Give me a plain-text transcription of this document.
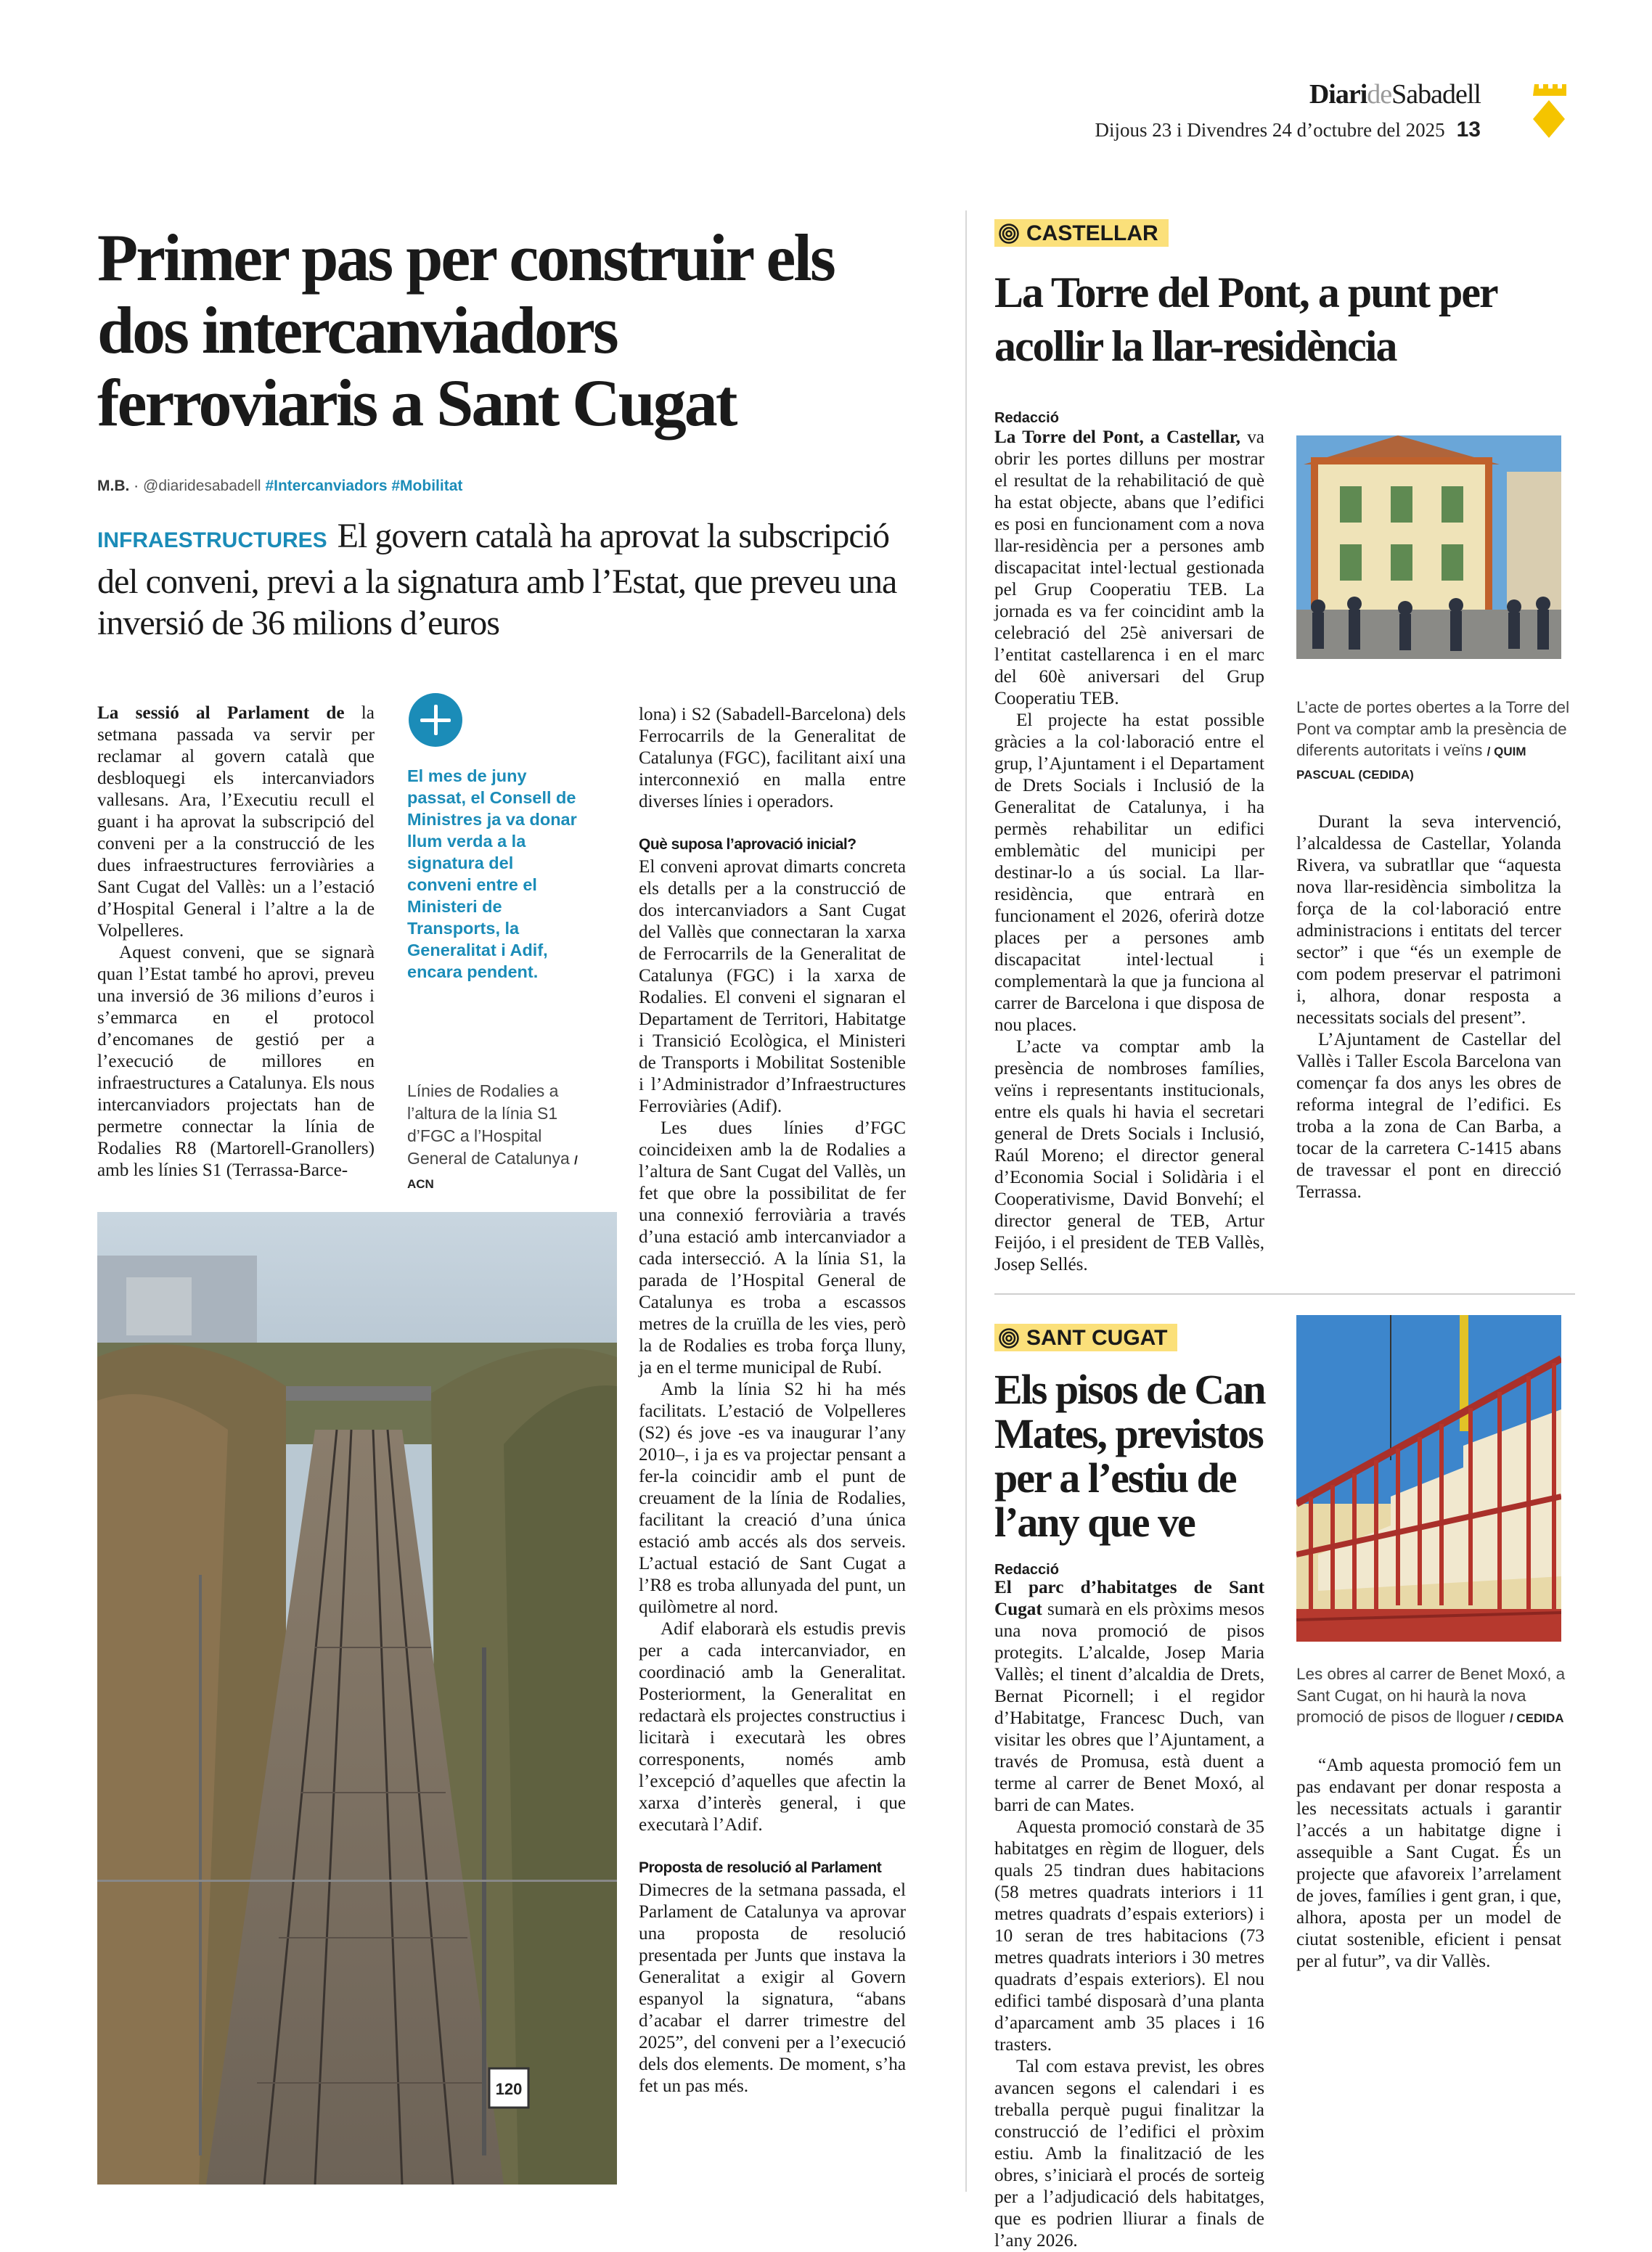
DiarideSabadell
Dijous 23 i Divendres 24 d’octubre del 2025 13
Primer pas per construir els dos intercanviadors ferroviaris a Sant Cugat
M.B. · @diaridesabadell #Intercanviadors #Mobilitat
INFRAESTRUCTURES El govern català ha aprovat la subscripció del conveni, previ a la signatura amb l’Estat, que preveu una inversió de 36 milions d’euros

La sessió al Parlament de la setmana passada va servir per reclamar al govern català que desbloquegi els intercanviadors vallesans. Ara, l’Executiu recull el guant i ha aprovat la subscripció del conveni per a la construcció de les dues infraestructures ferroviàries a Sant Cugat del Vallès: un a l’estació d’Hospital General i l’altre a la de Volpelleres.

Aquest conveni, que se signarà quan l’Estat també ho aprovi, preveu una inversió de 36 milions d’euros i s’emmarca en el protocol d’encomanes de gestió per a l’execució de millores en infraestructures a Catalunya. Els nous intercanviadors projectats han de permetre connectar la línia de Rodalies R8 (Martorell-Granollers) amb les línies S1 (Terrassa-Barce-

El mes de juny passat, el Consell de Ministres ja va donar llum verda a la signatura del conveni entre el Ministeri de Transports, la Generalitat i Adif, encara pendent.
Línies de Rodalies a l’altura de la línia S1 d’FGC a l’Hospital General de Catalunya / ACN
120

lona) i S2 (Sabadell-Barcelona) dels Ferrocarrils de la Generalitat de Catalunya (FGC), facilitant així una interconnexió en malla entre diverses línies i operadors.

Què suposa l’aprovació inicial?

El conveni aprovat dimarts concreta els detalls per a la construcció de dos intercanviadors a Sant Cugat del Vallès que connectaran la xarxa de Ferrocarrils de la Generalitat de Catalunya (FGC) i la xarxa de Rodalies. El conveni el signaran el Departament de Territori, Habitatge i Transició Ecològica, el Ministeri de Transports i Mobilitat Sostenible i l’Administrador d’Infraestructures Ferroviàries (Adif).

Les dues línies d’FGC coincideixen amb la de Rodalies a l’altura de Sant Cugat del Vallès, un fet que obre la possibilitat de fer una connexió ferroviària a través d’una estació amb intercanviador a cada intersecció. A la línia S1, la parada de l’Hospital General de Catalunya es troba a escassos metres de la cruïlla de les vies, però la de Rodalies es troba força lluny, ja en el terme municipal de Rubí.

Amb la línia S2 hi ha més facilitats. L’estació de Volpelleres (S2) és jove -es va inaugurar l’any 2010–, i ja es va projectar pensant a fer-la coincidir amb el punt de creuament de la línia de Rodalies, facilitant la creació d’una única estació amb accés als dos serveis. L’actual estació de Sant Cugat a l’R8 es troba allunyada del punt, un quilòmetre al nord.

Adif elaborarà els estudis previs per a cada intercanviador, en coordinació amb la Generalitat. Posteriorment, la Generalitat en redactarà els projectes constructius i licitarà i executarà les obres corresponents, només amb l’excepció d’aquelles que afectin la xarxa d’interès general, i que executarà l’Adif.

Proposta de resolució al Parlament

Dimecres de la setmana passada, el Parlament de Catalunya va aprovar una proposta de resolució presentada per Junts que instava la Generalitat a exigir al Govern espanyol la signatura, “abans d’acabar el darrer trimestre del 2025”, del conveni per a l’execució dels dos elements. De moment, s’ha fet un pas més.

CASTELLAR
La Torre del Pont, a punt per acollir la llar-residència
Redacció

La Torre del Pont, a Castellar, va obrir les portes dilluns per mostrar el resultat de la rehabilitació de què ha estat objecte, abans que l’edifici es posi en funcionament com a nova llar-residència per a persones amb discapacitat intel·lectual gestionada pel Grup Cooperatiu TEB. La jornada es va fer coincidint amb la celebració del 25è aniversari de l’entitat castellarenca i en el marc del 60è aniversari del Grup Cooperatiu TEB.

El projecte ha estat possible gràcies a la col·laboració entre el grup, l’Ajuntament i el Departament de Drets Socials i Inclusió de la Generalitat de Catalunya, i ha permès rehabilitar un edifici emblemàtic del municipi per destinar-lo a ús social. La llar-residència, que entrarà en funcionament el 2026, oferirà dotze places per a persones amb discapacitat intel·lectual i complementarà la que ja funciona al carrer de Barcelona i que disposa de nou places.

L’acte va comptar amb la presència de nombroses famílies, veïns i representants institucionals, entre els quals hi havia el secretari general de Drets Socials i Inclusió, Raúl Moreno; el director general d’Economia Social i Solidària i el Cooperativisme, David Bonvehí; el director general de TEB, Artur Feijóo, i el president de TEB Vallès, Josep Sellés.

L’acte de portes obertes a la Torre del Pont va comptar amb la presència de diferents autoritats i veïns / QUIM PASCUAL (CEDIDA)

Durant la seva intervenció, l’alcaldessa de Castellar, Yolanda Rivera, va subratllar que “aquesta nova llar-residència simbolitza la força de la col·laboració entre administracions i entitats del tercer sector” i que “és un exemple de com podem preservar el patrimoni i, alhora, donar resposta a necessitats socials del present”.

L’Ajuntament de Castellar del Vallès i Taller Escola Barcelona van començar fa dos anys les obres de reforma integral de l’edifici. Es troba a la zona de Can Barba, a tocar de la carretera C-1415 abans de travessar el pont en direcció Terrassa.

SANT CUGAT
Els pisos de Can Mates, previstos per a l’estiu de l’any que ve
Redacció

El parc d’habitatges de Sant Cugat sumarà en els pròxims mesos una nova promoció de pisos protegits. L’alcalde, Josep Maria Vallès; el tinent d’alcaldia de Drets, Bernat Picornell; i el regidor d’Habitatge, Francesc Duch, van visitar les obres que l’Ajuntament, a través de Promusa, està duent a terme al carrer de Benet Moxó, al barri de can Mates.

Aquesta promoció constarà de 35 habitatges en règim de lloguer, dels quals 25 tindran dues habitacions (58 metres quadrats interiors i 11 metres quadrats d’espais exteriors) i 10 seran de tres habitacions (73 metres quadrats interiors i 30 metres quadrats d’espais exteriors). El nou edifici també disposarà d’una planta d’aparcament amb 35 places i 16 trasters.

Tal com estava previst, les obres avancen segons el calendari i es treballa perquè pugui finalitzar la construcció de l’edifici el pròxim estiu. Amb la finalització de les obres, s’iniciarà el procés de sorteig per a l’adjudicació dels habitatges, que es podrien lliurar a finals de l’any 2026.

Les obres al carrer de Benet Moxó, a Sant Cugat, on hi haurà la nova promoció de pisos de lloguer / CEDIDA

“Amb aquesta promoció fem un pas endavant per donar resposta a les necessitats actuals i garantir l’accés a un habitatge digne i assequible a Sant Cugat. És un projecte que afavoreix l’arrelament de joves, famílies i gent gran, i que, alhora, aposta per un model de ciutat sostenible, eficient i pensat per al futur”, va dir Vallès.
